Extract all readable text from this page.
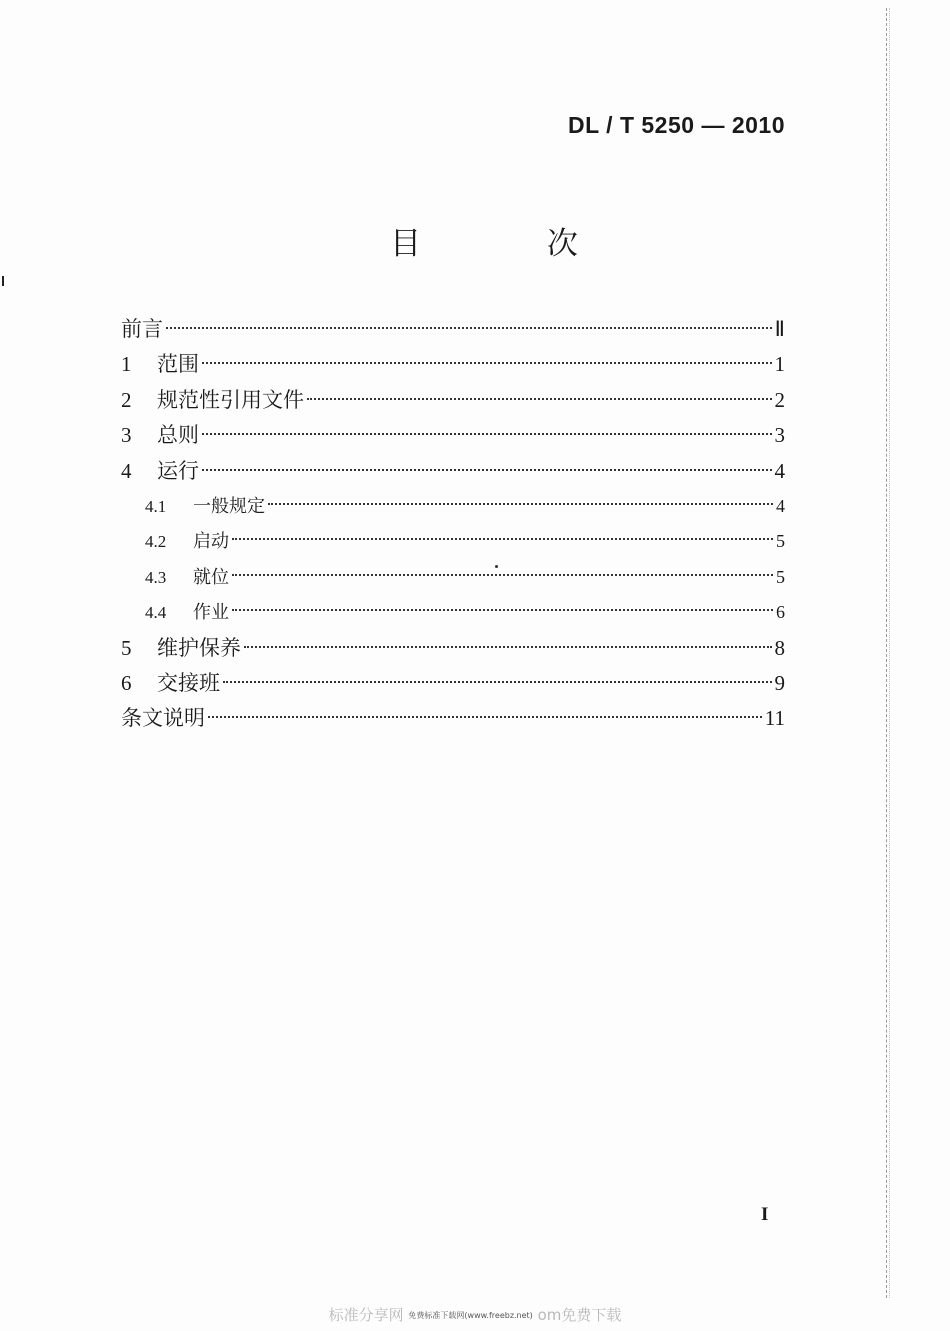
DL / T 5250 — 2010
目 次
前言	Ⅱ
1	范围	1
2	规范性引用文件	2
3	总则	3
4	运行	4
4.1	一般规定	4
4.2	启动	5
4.3	就位	5
4.4	作业	6
5	维护保养	8
6	交接班	9
条文说明	11
I
标准分享网 免费标准下载网(www.freebz.net) om免费下载
